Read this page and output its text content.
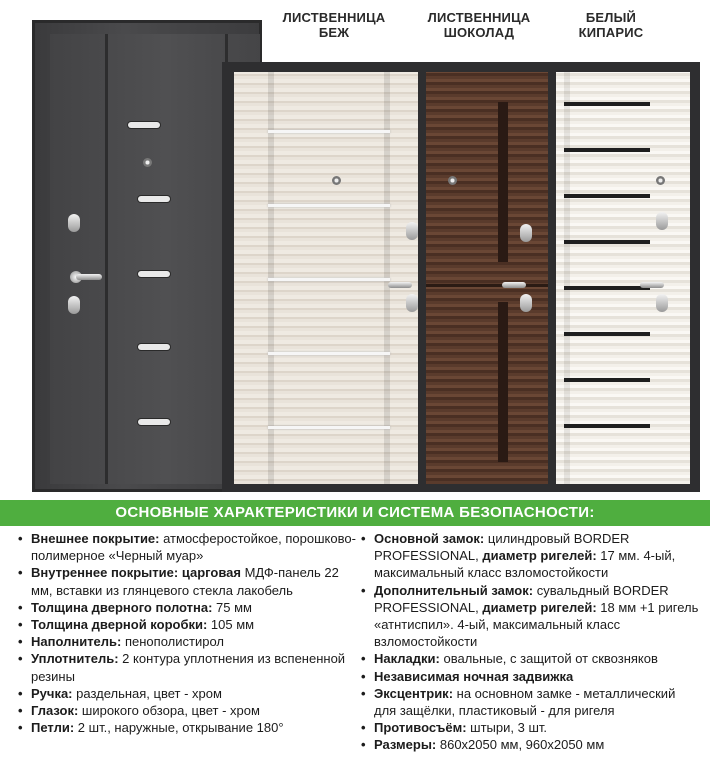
ЛИСТВЕННИЦА
БЕЖ
ЛИСТВЕННИЦА
ШОКОЛАД
БЕЛЫЙ
КИПАРИС
ОСНОВНЫЕ ХАРАКТЕРИСТИКИ И СИСТЕМА БЕЗОПАСНОСТИ:

• Внешнее покрытие: атмосферостойкое, порошково-полимерное «Черный муар»

• Внутреннее покрытие: царговая МДФ-панель 22 мм, вставки из глянцевого стекла лакобель

• Толщина дверного полотна: 75 мм

• Толщина дверной коробки: 105 мм

• Наполнитель: пенополистирол

• Уплотнитель: 2 контура уплотнения из вспененной резины

• Ручка: раздельная, цвет - хром

• Глазок: широкого обзора, цвет - хром

• Петли: 2 шт., наружные, открывание 180°

• Основной замок: цилиндровый BORDER PROFESSIONAL, диаметр ригелей: 17 мм. 4-ый, максимальный класс взломостойкости

• Дополнительный замок: сувальдный BORDER PROFESSIONAL, диаметр ригелей: 18 мм +1 ригель «атнтиспил». 4-ый, максимальный класс взломостойкости

• Накладки: овальные, с защитой от сквозняков

• Независимая ночная задвижка

• Эксцентрик: на основном замке - металлический для защёлки, пластиковый - для ригеля

• Противосъём: штыри, 3 шт.

• Размеры: 860х2050 мм, 960х2050 мм
